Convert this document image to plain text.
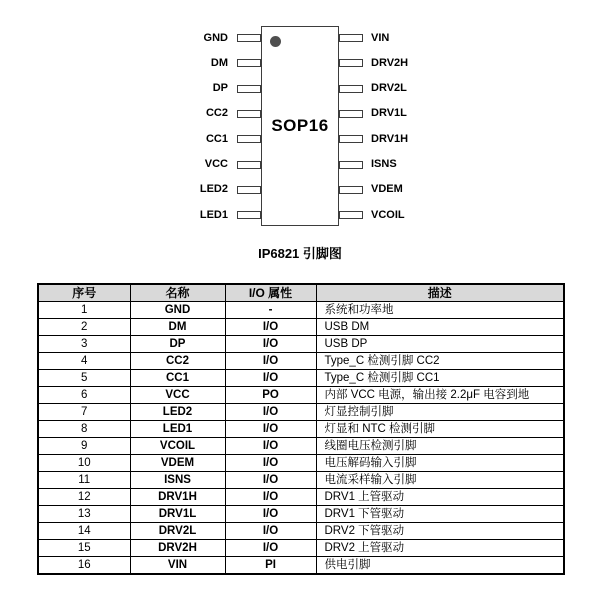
SOP16
IP6821 引脚图
GND
DM
DP
CC2
CC1
VCC
LED2
LED1
VIN
DRV2H
DRV2L
DRV1L
DRV1H
ISNS
VDEM
VCOIL
序号	名称	I/O 属性	描述
1	GND	-	系统和功率地
2	DM	I/O	USB DM
3	DP	I/O	USB DP
4	CC2	I/O	Type_C 检测引脚 CC2
5	CC1	I/O	Type_C 检测引脚 CC1
6	VCC	PO	内部 VCC 电源，输出接 2.2μF 电容到地
7	LED2	I/O	灯显控制引脚
8	LED1	I/O	灯显和 NTC 检测引脚
9	VCOIL	I/O	线圈电压检测引脚
10	VDEM	I/O	电压解码输入引脚
11	ISNS	I/O	电流采样输入引脚
12	DRV1H	I/O	DRV1 上管驱动
13	DRV1L	I/O	DRV1 下管驱动
14	DRV2L	I/O	DRV2 下管驱动
15	DRV2H	I/O	DRV2 上管驱动
16	VIN	PI	供电引脚
